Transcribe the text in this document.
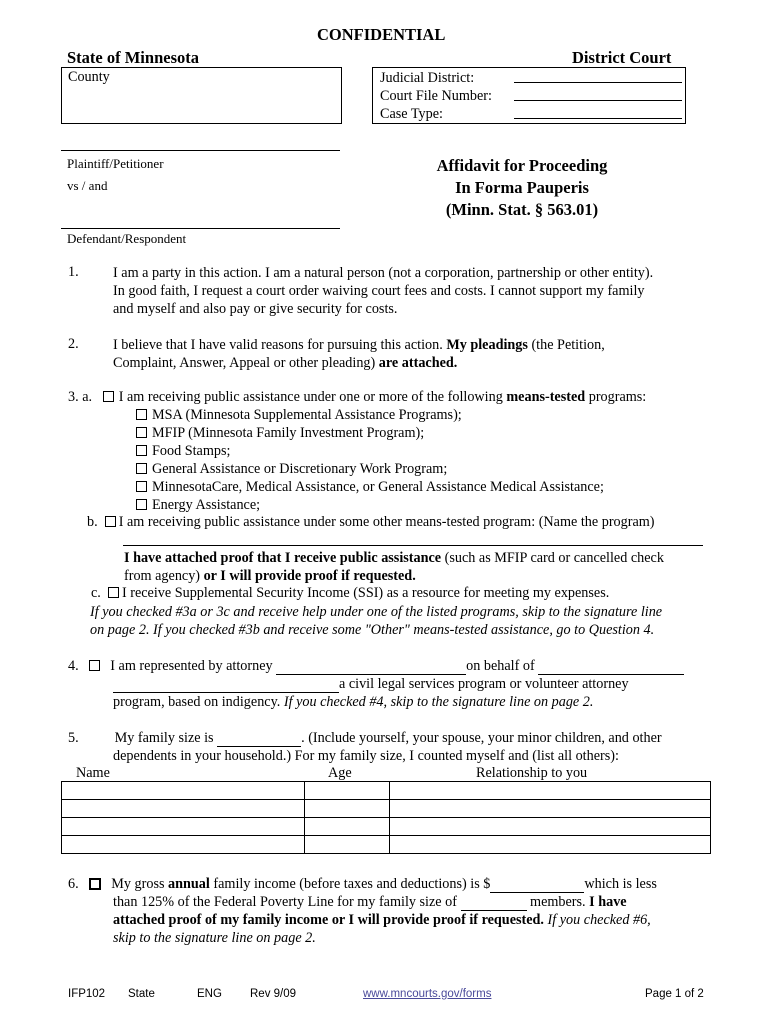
CONFIDENTIAL
State of Minnesota	District Court
County	Judicial District:
Court File Number:
Case Type:
Plaintiff/Petitioner
vs / and
Defendant/Respondent
Affidavit for Proceeding
In Forma Pauperis
(Minn. Stat. § 563.01)
1. I am a party in this action. I am a natural person (not a corporation, partnership or other entity).
In good faith, I request a court order waiving court fees and costs. I cannot support my family
and myself and also pay or give security for costs.
2. I believe that I have valid reasons for pursuing this action. My pleadings (the Petition,
Complaint, Answer, Appeal or other pleading) are attached.
3. a. I am receiving public assistance under one or more of the following means-tested programs:
MSA (Minnesota Supplemental Assistance Programs);
MFIP (Minnesota Family Investment Program);
Food Stamps;
General Assistance or Discretionary Work Program;
MinnesotaCare, Medical Assistance, or General Assistance Medical Assistance;
Energy Assistance;
b. I am receiving public assistance under some other means-tested program: (Name the program)
I have attached proof that I receive public assistance (such as MFIP card or cancelled check
from agency) or I will provide proof if requested.
c. I receive Supplemental Security Income (SSI) as a resource for meeting my expenses.
If you checked #3a or 3c and receive help under one of the listed programs, skip to the signature line
on page 2. If you checked #3b and receive some "Other" means-tested assistance, go to Question 4.
4. I am represented by attorney	on behalf of
a civil legal services program or volunteer attorney
program, based on indigency. If you checked #4, skip to the signature line on page 2.
5.	My family size is	. (Include yourself, your spouse, your minor children, and other
dependents in your household.) For my family size, I counted myself and (list all others):
Name	Age	Relationship to you

6. My gross annual family income (before taxes and deductions) is $	which is less
than 125% of the Federal Poverty Line for my family size of	members. I have
attached proof of my family income or I will provide proof if requested. If you checked #6,
skip to the signature line on page 2.
IFP102 State	ENG Rev 9/09	www.mncourts.gov/forms	Page 1 of 2
